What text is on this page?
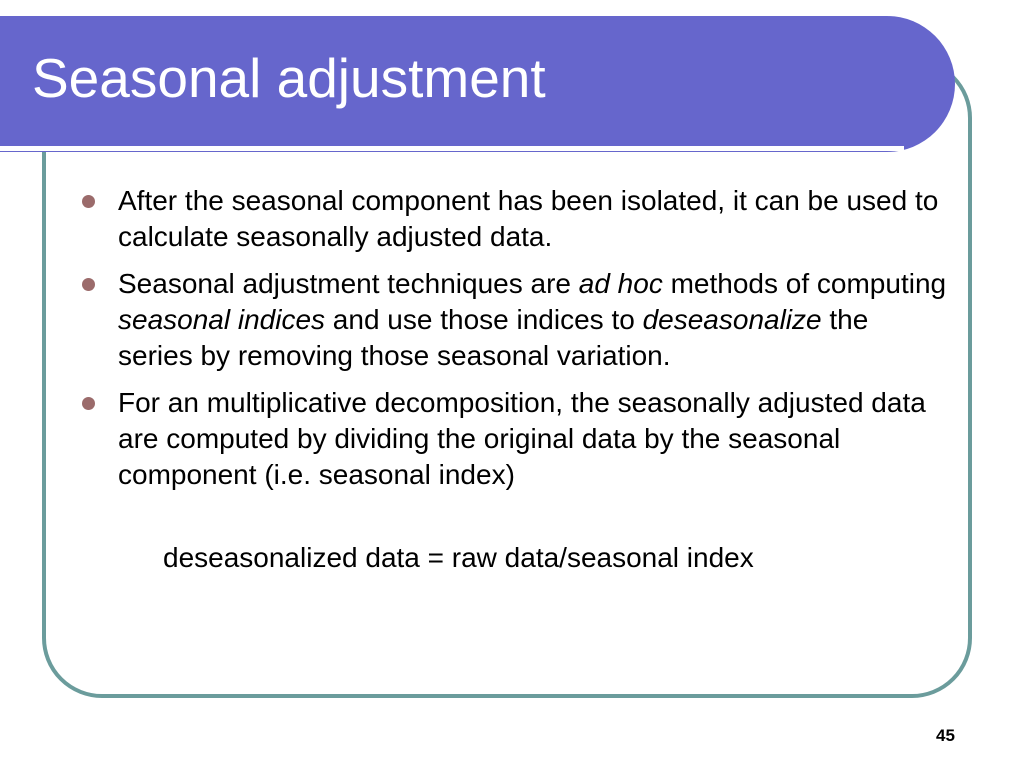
Seasonal adjustment
After the seasonal component has been isolated, it can be used to calculate seasonally adjusted data.
Seasonal adjustment techniques are ad hoc methods of computing seasonal indices and use those indices to deseasonalize the series by removing those seasonal variation.
For an multiplicative decomposition, the seasonally adjusted data are computed by dividing the original data by the seasonal component (i.e. seasonal index)

deseasonalized data = raw data/seasonal index

45
